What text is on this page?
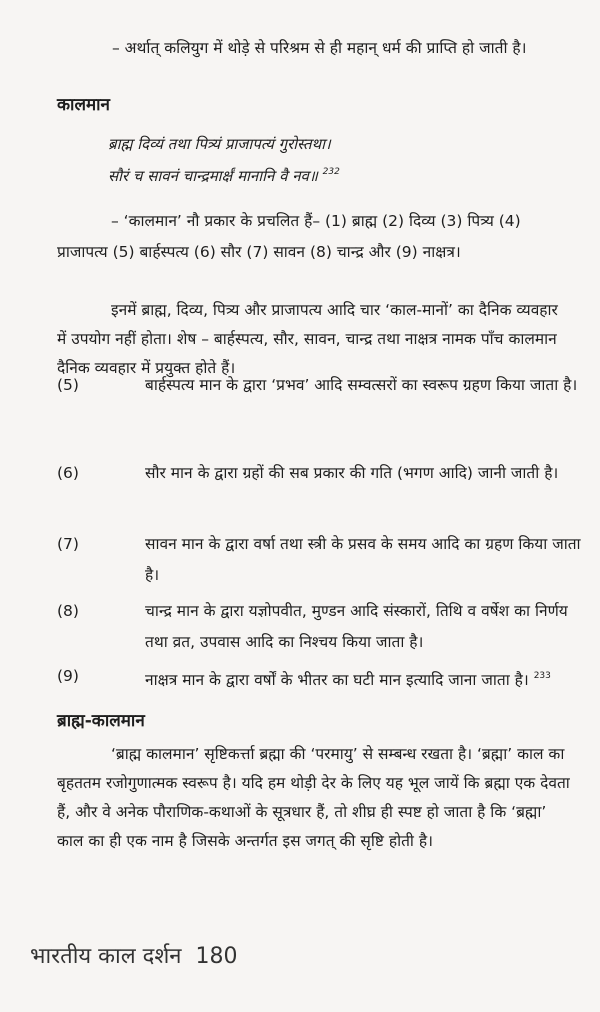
– अर्थात् कलियुग में थोड़े से परिश्रम से ही महान् धर्म की प्राप्ति हो जाती है।
कालमान
ब्राह्म दिव्यं तथा पित्र्यं प्राजापत्यं गुरोस्तथा।
सौरं च सावनं चान्द्रमार्क्षं मानानि वै नव॥ $^{232}$
– ‘कालमान’ नौ प्रकार के प्रचलित हैं– (1) ब्राह्म (2) दिव्य (3) पित्र्य (4) प्राजापत्य (5) बार्हस्पत्य (6) सौर (7) सावन (8) चान्द्र और (9) नाक्षत्र।
इनमें ब्राह्म, दिव्य, पित्र्य और प्राजापत्य आदि चार ‘काल-मानों’ का दैनिक व्यवहार में उपयोग नहीं होता। शेष – बार्हस्पत्य, सौर, सावन, चान्द्र तथा नाक्षत्र नामक पाँच कालमान दैनिक व्यवहार में प्रयुक्त होते हैं।
(5)	बार्हस्पत्य मान के द्वारा ‘प्रभव’ आदि सम्वत्सरों का स्वरूप ग्रहण किया जाता है।
(6)	सौर मान के द्वारा ग्रहों की सब प्रकार की गति (भगण आदि) जानी जाती है।
(7)	सावन मान के द्वारा वर्षा तथा स्त्री के प्रसव के समय आदि का ग्रहण किया जाता है।
(8)	चान्द्र मान के द्वारा यज्ञोपवीत, मुण्डन आदि संस्कारों, तिथि व वर्षेश का निर्णय तथा व्रत, उपवास आदि का निश्चय किया जाता है।
(9)	नाक्षत्र मान के द्वारा वर्षों के भीतर का घटी मान इत्यादि जाना जाता है। $^{233}$
ब्राह्म-कालमान
‘ब्राह्म कालमान’ सृष्टिकर्त्ता ब्रह्मा की ‘परमायु’ से सम्बन्ध रखता है। ‘ब्रह्मा’ काल का बृहततम रजोगुणात्मक स्वरूप है। यदि हम थोड़ी देर के लिए यह भूल जायें कि ब्रह्मा एक देवता हैं, और वे अनेक पौराणिक-कथाओं के सूत्रधार हैं, तो शीघ्र ही स्पष्ट हो जाता है कि ‘ब्रह्मा’ काल का ही एक नाम है जिसके अन्तर्गत इस जगत् की सृष्टि होती है।
भारतीय काल दर्शन 180
